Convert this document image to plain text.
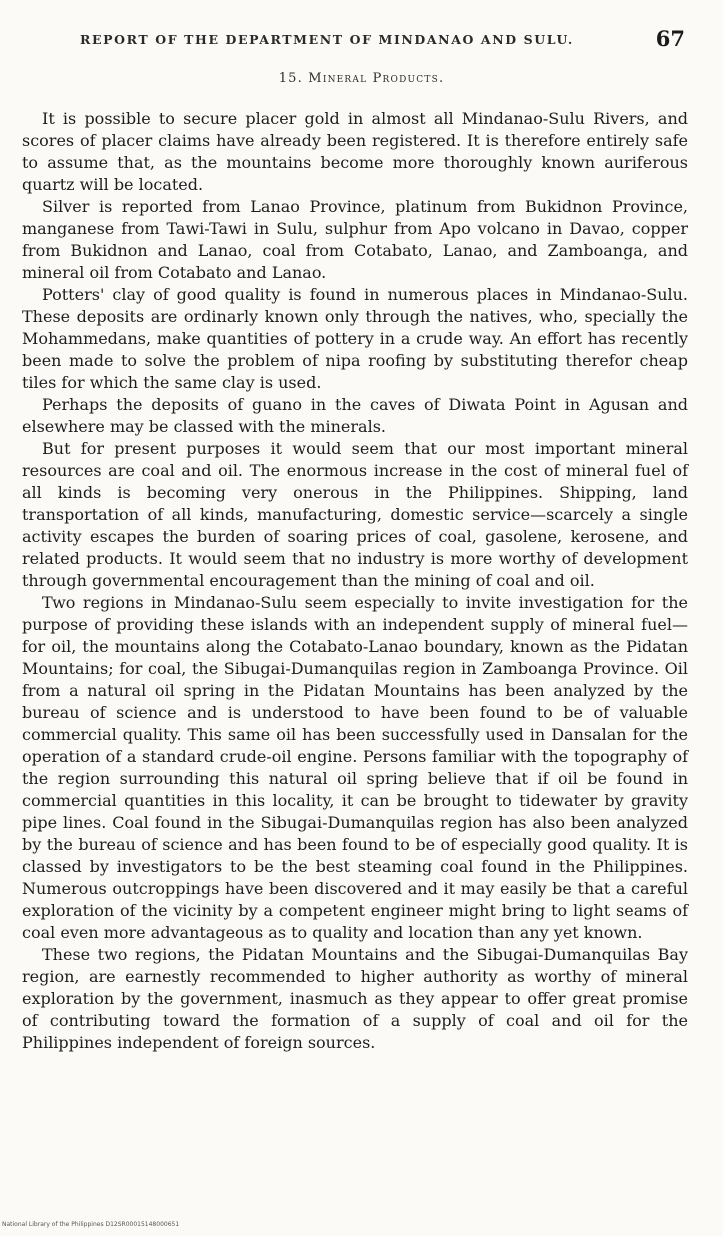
REPORT OF THE DEPARTMENT OF MINDANAO AND SULU.	67
15. Mineral Products.

It is possible to secure placer gold in almost all Mindanao-Sulu Rivers, and scores of placer claims have already been registered. It is therefore entirely safe to assume that, as the mountains become more thoroughly known auriferous quartz will be located.

Silver is reported from Lanao Province, platinum from Bukidnon Province, manganese from Tawi-Tawi in Sulu, sulphur from Apo volcano in Davao, copper from Bukidnon and Lanao, coal from Cotabato, Lanao, and Zamboanga, and mineral oil from Cotabato and Lanao.

Potters' clay of good quality is found in numerous places in Mindanao-Sulu. These deposits are ordinarly known only through the natives, who, specially the Mohammedans, make quantities of pottery in a crude way. An effort has recently been made to solve the problem of nipa roofing by substituting therefor cheap tiles for which the same clay is used.

Perhaps the deposits of guano in the caves of Diwata Point in Agusan and elsewhere may be classed with the minerals.

But for present purposes it would seem that our most important mineral resources are coal and oil. The enormous increase in the cost of mineral fuel of all kinds is becoming very onerous in the Philippines. Shipping, land transportation of all kinds, manufacturing, domestic service—scarcely a single activity escapes the burden of soaring prices of coal, gasolene, kerosene, and related products. It would seem that no industry is more worthy of development through governmental encouragement than the mining of coal and oil.

Two regions in Mindanao-Sulu seem especially to invite investigation for the purpose of providing these islands with an independent supply of mineral fuel—for oil, the mountains along the Cotabato-Lanao boundary, known as the Pidatan Mountains; for coal, the Sibugai-Dumanquilas region in Zamboanga Province. Oil from a natural oil spring in the Pidatan Mountains has been analyzed by the bureau of science and is understood to have been found to be of valuable commercial quality. This same oil has been successfully used in Dansalan for the operation of a standard crude-oil engine. Persons familiar with the topography of the region surrounding this natural oil spring believe that if oil be found in commercial quantities in this locality, it can be brought to tidewater by gravity pipe lines. Coal found in the Sibugai-Dumanquilas region has also been analyzed by the bureau of science and has been found to be of especially good quality. It is classed by investigators to be the best steaming coal found in the Philippines. Numerous outcroppings have been discovered and it may easily be that a careful exploration of the vicinity by a competent engineer might bring to light seams of coal even more advantageous as to quality and location than any yet known.

These two regions, the Pidatan Mountains and the Sibugai-Dumanquilas Bay region, are earnestly recommended to higher authority as worthy of mineral exploration by the government, inasmuch as they appear to offer great promise of contributing toward the formation of a supply of coal and oil for the Philippines independent of foreign sources.

National Library of the Philippines D12SR00015148000651
